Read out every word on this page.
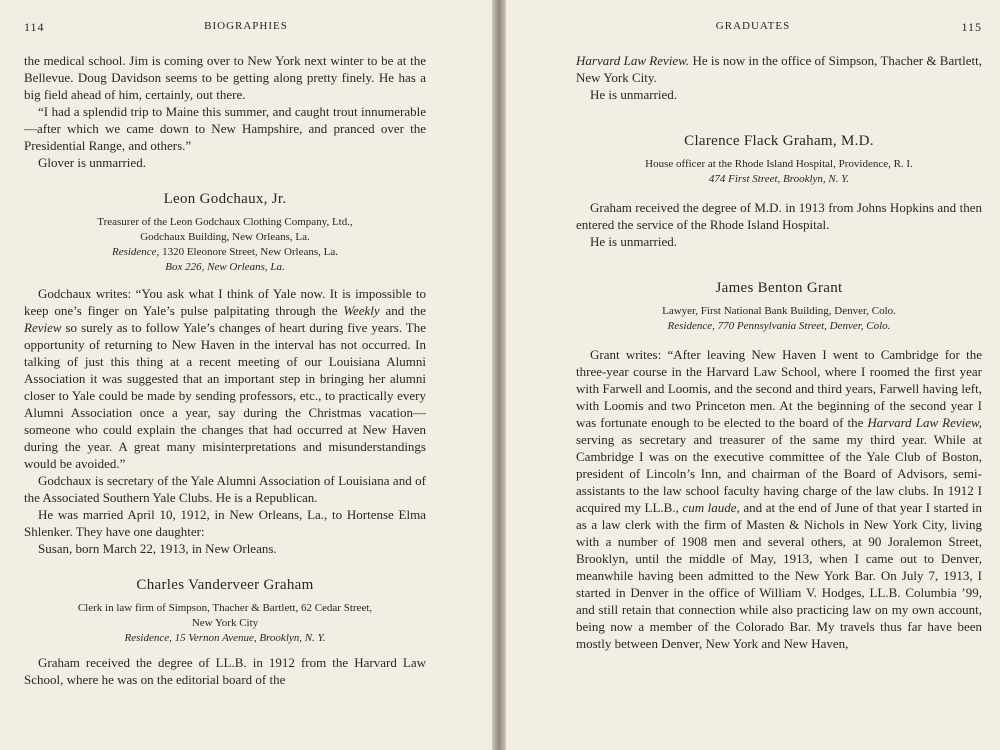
114	BIOGRAPHIES

the medical school. Jim is coming over to New York next winter to be at the Bellevue. Doug Davidson seems to be getting along pretty finely. He has a big field ahead of him, certainly, out there.

“I had a splendid trip to Maine this summer, and caught trout innumerable—after which we came down to New Hampshire, and pranced over the Presidential Range, and others.”

Glover is unmarried.

Leon Godchaux, Jr.
Treasurer of the Leon Godchaux Clothing Company, Ltd.,
Godchaux Building, New Orleans, La.
Residence, 1320 Eleonore Street, New Orleans, La.
Box 226, New Orleans, La.

Godchaux writes: “You ask what I think of Yale now. It is impossible to keep one’s finger on Yale’s pulse palpitating through the Weekly and the Review so surely as to follow Yale’s changes of heart during five years. The opportunity of returning to New Haven in the interval has not occurred. In talking of just this thing at a recent meeting of our Louisiana Alumni Association it was suggested that an important step in bringing her alumni closer to Yale could be made by sending professors, etc., to practically every Alumni Association once a year, say during the Christmas vacation—someone who could explain the changes that had occurred at New Haven during the year. A great many misinterpretations and misunderstandings would be avoided.”

Godchaux is secretary of the Yale Alumni Association of Louisiana and of the Associated Southern Yale Clubs. He is a Republican.

He was married April 10, 1912, in New Orleans, La., to Hortense Elma Shlenker. They have one daughter:

Susan, born March 22, 1913, in New Orleans.

Charles Vanderveer Graham
Clerk in law firm of Simpson, Thacher & Bartlett, 62 Cedar Street,
New York City
Residence, 15 Vernon Avenue, Brooklyn, N. Y.

Graham received the degree of LL.B. in 1912 from the Harvard Law School, where he was on the editorial board of the

GRADUATES	115

Harvard Law Review. He is now in the office of Simpson, Thacher & Bartlett, New York City.

He is unmarried.

Clarence Flack Graham, M.D.
House officer at the Rhode Island Hospital, Providence, R. I.
474 First Street, Brooklyn, N. Y.

Graham received the degree of M.D. in 1913 from Johns Hopkins and then entered the service of the Rhode Island Hospital.

He is unmarried.

James Benton Grant
Lawyer, First National Bank Building, Denver, Colo.
Residence, 770 Pennsylvania Street, Denver, Colo.

Grant writes: “After leaving New Haven I went to Cambridge for the three-year course in the Harvard Law School, where I roomed the first year with Farwell and Loomis, and the second and third years, Farwell having left, with Loomis and two Princeton men. At the beginning of the second year I was fortunate enough to be elected to the board of the Harvard Law Review, serving as secretary and treasurer of the same my third year. While at Cambridge I was on the executive committee of the Yale Club of Boston, president of Lincoln’s Inn, and chairman of the Board of Advisors, semi-assistants to the law school faculty having charge of the law clubs. In 1912 I acquired my LL.B., cum laude, and at the end of June of that year I started in as a law clerk with the firm of Masten & Nichols in New York City, living with a number of 1908 men and several others, at 90 Joralemon Street, Brooklyn, until the middle of May, 1913, when I came out to Denver, meanwhile having been admitted to the New York Bar. On July 7, 1913, I started in Denver in the office of William V. Hodges, LL.B. Columbia ’99, and still retain that connection while also practicing law on my own account, being now a member of the Colorado Bar. My travels thus far have been mostly between Denver, New York and New Haven,
